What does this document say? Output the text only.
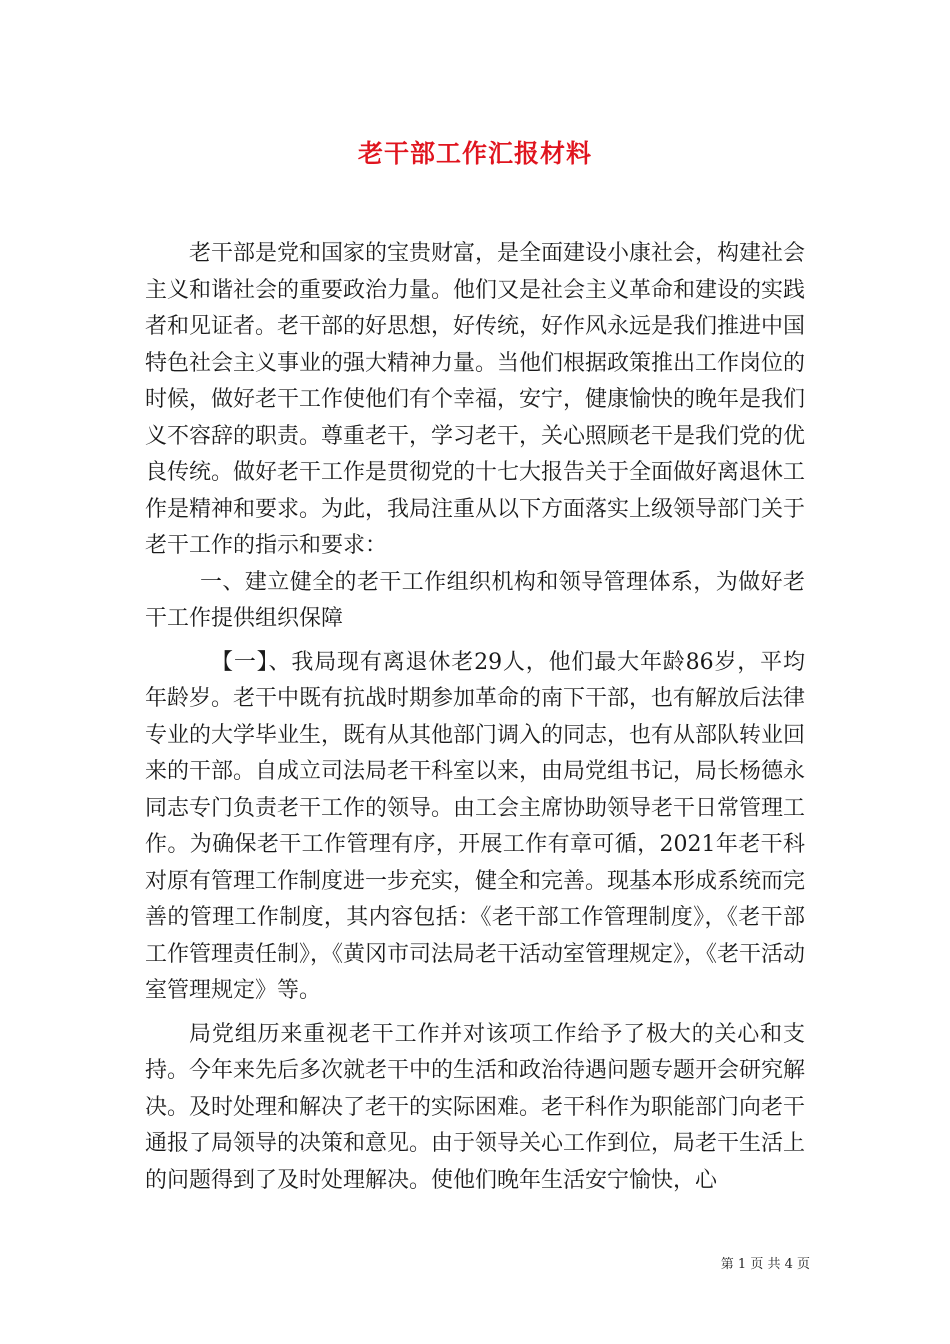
老干部工作汇报材料

老干部是党和国家的宝贵财富，是全面建设小康社会，构建社会主义和谐社会的重要政治力量。他们又是社会主义革命和建设的实践者和见证者。老干部的好思想，好传统，好作风永远是我们推进中国特色社会主义事业的强大精神力量。当他们根据政策推出工作岗位的时候，做好老干工作使他们有个幸福，安宁，健康愉快的晚年是我们义不容辞的职责。尊重老干，学习老干，关心照顾老干是我们党的优良传统。做好老干工作是贯彻党的十七大报告关于全面做好离退休工作是精神和要求。为此，我局注重从以下方面落实上级领导部门关于老干工作的指示和要求：

一、建立健全的老干工作组织机构和领导管理体系，为做好老干工作提供组织保障

【一】、我局现有离退休老29人，他们最大年龄86岁，平均年龄岁。老干中既有抗战时期参加革命的南下干部，也有解放后法律专业的大学毕业生，既有从其他部门调入的同志，也有从部队转业回来的干部。自成立司法局老干科室以来，由局党组书记，局长杨德永同志专门负责老干工作的领导。由工会主席协助领导老干日常管理工作。为确保老干工作管理有序，开展工作有章可循，2021年老干科对原有管理工作制度进一步充实，健全和完善。现基本形成系统而完善的管理工作制度，其内容包括：《老干部工作管理制度》，《老干部工作管理责任制》，《黄冈市司法局老干活动室管理规定》，《老干活动室管理规定》等。

局党组历来重视老干工作并对该项工作给予了极大的关心和支持。今年来先后多次就老干中的生活和政治待遇问题专题开会研究解决。及时处理和解决了老干的实际困难。老干科作为职能部门向老干通报了局领导的决策和意见。由于领导关心工作到位，局老干生活上的问题得到了及时处理解决。使他们晚年生活安宁愉快，心

第 1 页 共 4 页
